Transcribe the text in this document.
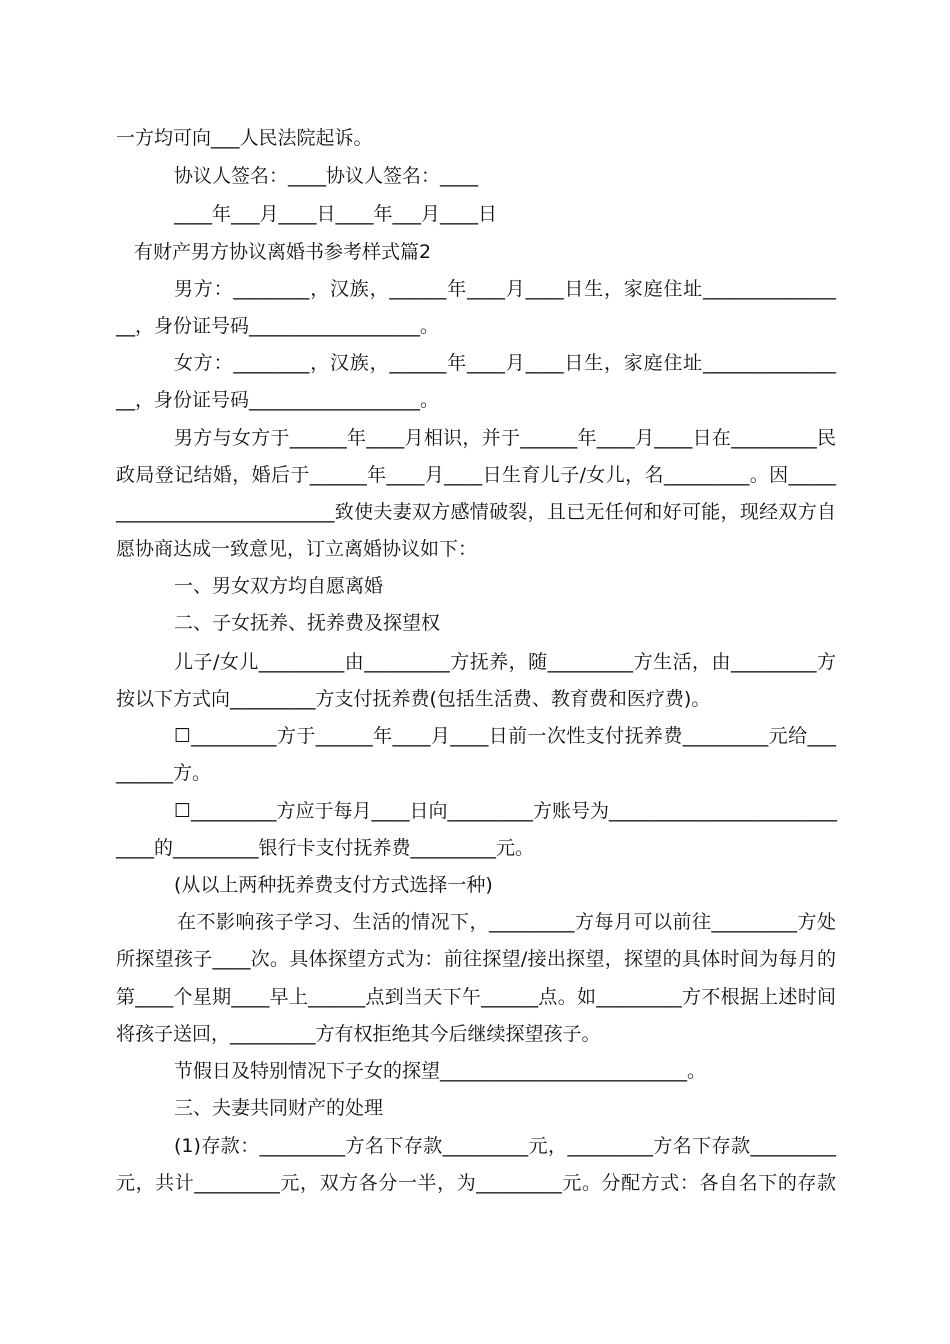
一方均可向___人民法院起诉。
协议人签名：____协议人签名：____
____年___月____日____年___月____日
有财产男方协议离婚书参考样式篇2
男方：________，汉族，______年____月____日生，家庭住址______________
__，身份证号码__________________。
女方：________，汉族，______年____月____日生，家庭住址______________
__，身份证号码__________________。
男方与女方于______年____月相识，并于______年____月____日在_________民
政局登记结婚，婚后于______年____月____日生育儿子/女儿，名_________。因_____
_______________________致使夫妻双方感情破裂，且已无任何和好可能，现经双方自
愿协商达成一致意见，订立离婚协议如下：
一、男女双方均自愿离婚
二、子女抚养、抚养费及探望权
儿子/女儿_________由_________方抚养，随_________方生活，由_________方
按以下方式向_________方支付抚养费(包括生活费、教育费和医疗费)。
☐_________方于______年____月____日前一次性支付抚养费_________元给___
______方。
☐_________方应于每月____日向_________方账号为________________________
____的_________银行卡支付抚养费_________元。
(从以上两种抚养费支付方式选择一种)
在不影响孩子学习、生活的情况下，_________方每月可以前往_________方处
所探望孩子____次。具体探望方式为：前往探望/接出探望，探望的具体时间为每月的
第____个星期____早上______点到当天下午______点。如_________方不根据上述时间
将孩子送回，_________方有权拒绝其今后继续探望孩子。
节假日及特别情况下子女的探望__________________________。
三、夫妻共同财产的处理
(1)存款：_________方名下存款_________元，_________方名下存款_________
元，共计_________元，双方各分一半，为_________元。分配方式：各自名下的存款
